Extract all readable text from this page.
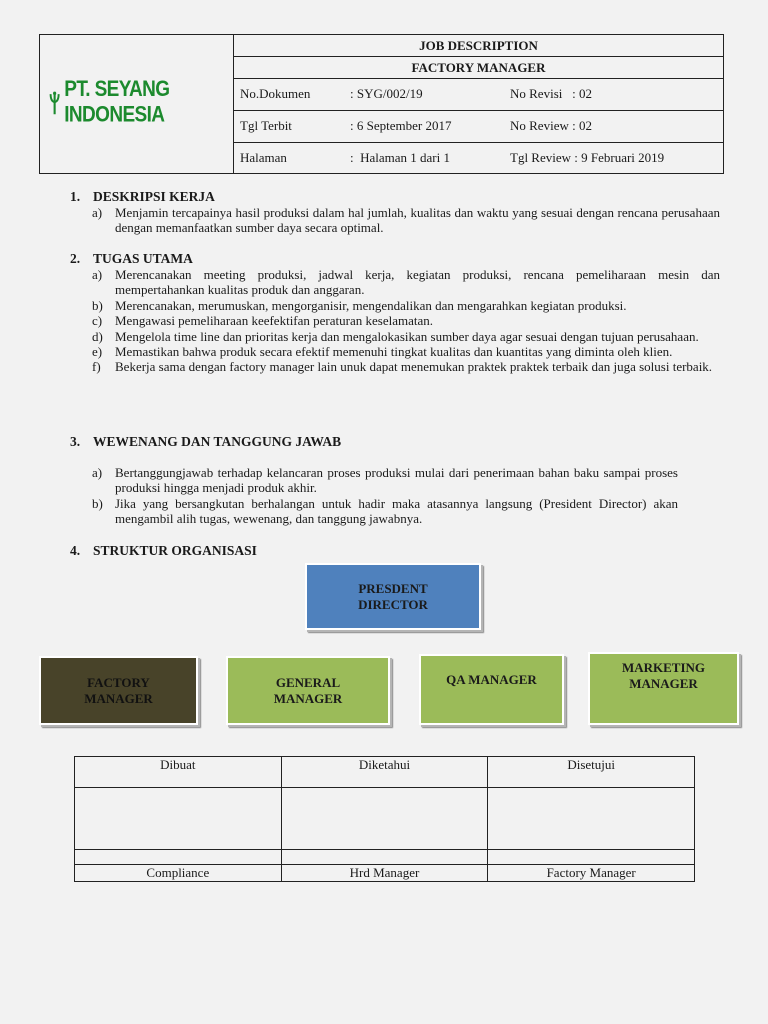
PT. SEYANG INDONESIA
JOB DESCRIPTION
FACTORY MANAGER
No.Dokumen	: SYG/002/19	No Revisi   : 02
Tgl Terbit	: 6 September 2017	No Review : 02
Halaman	:  Halaman 1 dari 1	Tgl Review : 9 Februari 2019
1. DESKRIPSI KERJA
a) Menjamin tercapainya hasil produksi dalam hal jumlah, kualitas dan waktu yang sesuai dengan rencana perusahaan dengan memanfaatkan sumber daya secara optimal.
2. TUGAS UTAMA
a) Merencanakan meeting produksi, jadwal kerja, kegiatan produksi, rencana pemeliharaan mesin dan mempertahankan kualitas produk dan anggaran.
b) Merencanakan, merumuskan, mengorganisir, mengendalikan dan mengarahkan kegiatan produksi.
c) Mengawasi pemeliharaan keefektifan peraturan keselamatan.
d) Mengelola time line dan prioritas kerja dan mengalokasikan sumber daya agar sesuai dengan tujuan perusahaan.
e) Memastikan bahwa produk secara efektif memenuhi tingkat kualitas dan kuantitas yang diminta oleh klien.
f) Bekerja sama dengan factory manager lain unuk dapat menemukan praktek praktek terbaik dan juga solusi terbaik.
3. WEWENANG DAN TANGGUNG JAWAB
a) Bertanggungjawab terhadap kelancaran proses produksi mulai dari penerimaan bahan baku sampai proses produksi hingga menjadi produk akhir.
b) Jika yang bersangkutan berhalangan untuk hadir maka atasannya langsung (President Director) akan mengambil alih tugas, wewenang, dan tanggung jawabnya.
4. STRUKTUR ORGANISASI
PRESDENT
DIRECTOR
FACTORY
MANAGER
GENERAL
MANAGER
QA MANAGER
MARKETING
MANAGER
Dibuat	Diketahui	Disetujui

Compliance	Hrd Manager	Factory Manager
